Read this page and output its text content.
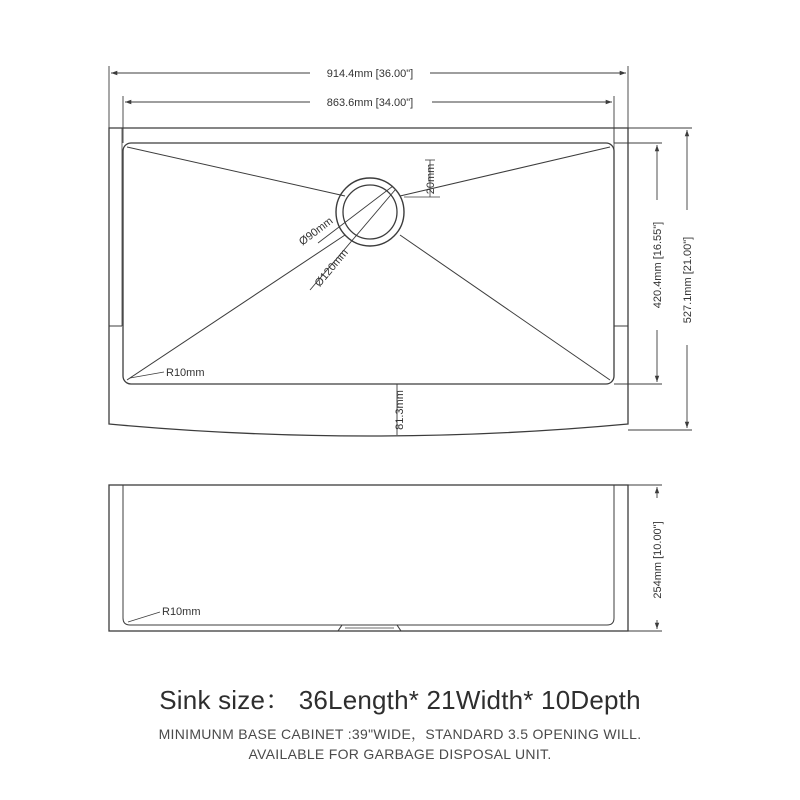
914.4mm [36.00"]
863.6mm [34.00"]
420.4mm [16.55"] 527.1mm [21.00"]
81.3mm
20mm
Ø90mm
Ø120mm
R10mm
254mm [10.00"]
R10mm
Sink size： 36Length* 21Width* 10Depth
MINIMUNM BASE CABINET :39"WIDE，STANDARD 3.5 OPENING WILL.
AVAILABLE FOR GARBAGE DISPOSAL UNIT.
